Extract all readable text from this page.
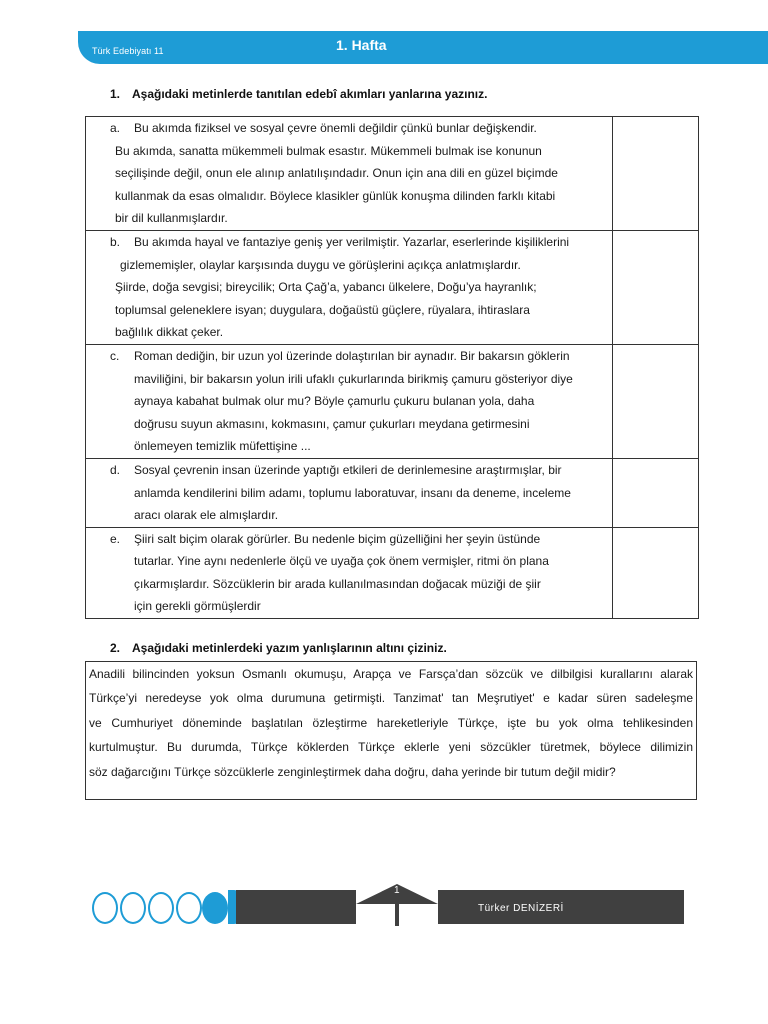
Türk Edebiyatı 11	1. Hafta
1. Aşağıdaki metinlerde tanıtılan edebî akımları yanlarına yazınız.
a. Bu akımda fiziksel ve sosyal çevre önemli değildir çünkü bunlar değişkendir.
Bu akımda, sanatta mükemmeli bulmak esastır. Mükemmeli bulmak ise konunun
seçilişinde değil, onun ele alınıp anlatılışındadır. Onun için ana dili en güzel biçimde
kullanmak da esas olmalıdır. Böylece klasikler günlük konuşma dilinden farklı kitabi
bir dil kullanmışlardır.	

b. Bu akımda hayal ve fantaziye geniş yer verilmiştir. Yazarlar, eserlerinde kişiliklerini
gizlememişler, olaylar karşısında duygu ve görüşlerini açıkça anlatmışlardır.
Şiirde, doğa sevgisi; bireycilik; Orta Çağ’a, yabancı ülkelere, Doğu’ya hayranlık;
toplumsal geleneklere isyan; duygulara, doğaüstü güçlere, rüyalara, ihtiraslara
bağlılık dikkat çeker.	

c. Roman dediğin, bir uzun yol üzerinde dolaştırılan bir aynadır. Bir bakarsın göklerin
maviliğini, bir bakarsın yolun irili ufaklı çukurlarında birikmiş çamuru gösteriyor diye
aynaya kabahat bulmak olur mu? Böyle çamurlu çukuru bulanan yola, daha
doğrusu suyun akmasını, kokmasını, çamur çukurları meydana getirmesini
önlemeyen temizlik müfettişine ...	

d. Sosyal çevrenin insan üzerinde yaptığı etkileri de derinlemesine araştırmışlar, bir
anlamda kendilerini bilim adamı, toplumu laboratuvar, insanı da deneme, inceleme
aracı olarak ele almışlardır.	

e. Şiiri salt biçim olarak görürler. Bu nedenle biçim güzelliğini her şeyin üstünde
tutarlar. Yine aynı nedenlerle ölçü ve uyağa çok önem vermişler, ritmi ön plana
çıkarmışlardır. Sözcüklerin bir arada kullanılmasından doğacak müziği de şiir
için gerekli görmüşlerdir	

2. Aşağıdaki metinlerdeki yazım yanlışlarının altını çiziniz.
Anadili bilincinden yoksun Osmanlı okumuşu, Arapça ve Farsça’dan sözcük ve dilbilgisi kurallarını alarak
Türkçe’yi neredeyse yok olma durumuna getirmişti. Tanzimat' tan Meşrutiyet' e kadar süren sadeleşme
ve Cumhuriyet döneminde başlatılan özleştirme hareketleriyle Türkçe, işte bu yok olma tehlikesinden
kurtulmuştur. Bu durumda, Türkçe köklerden Türkçe eklerle yeni sözcükler türetmek, böylece dilimizin
söz dağarcığını Türkçe sözcüklerle zenginleştirmek daha doğru, daha yerinde bir tutum değil midir?
1
Türker DENİZERİ
